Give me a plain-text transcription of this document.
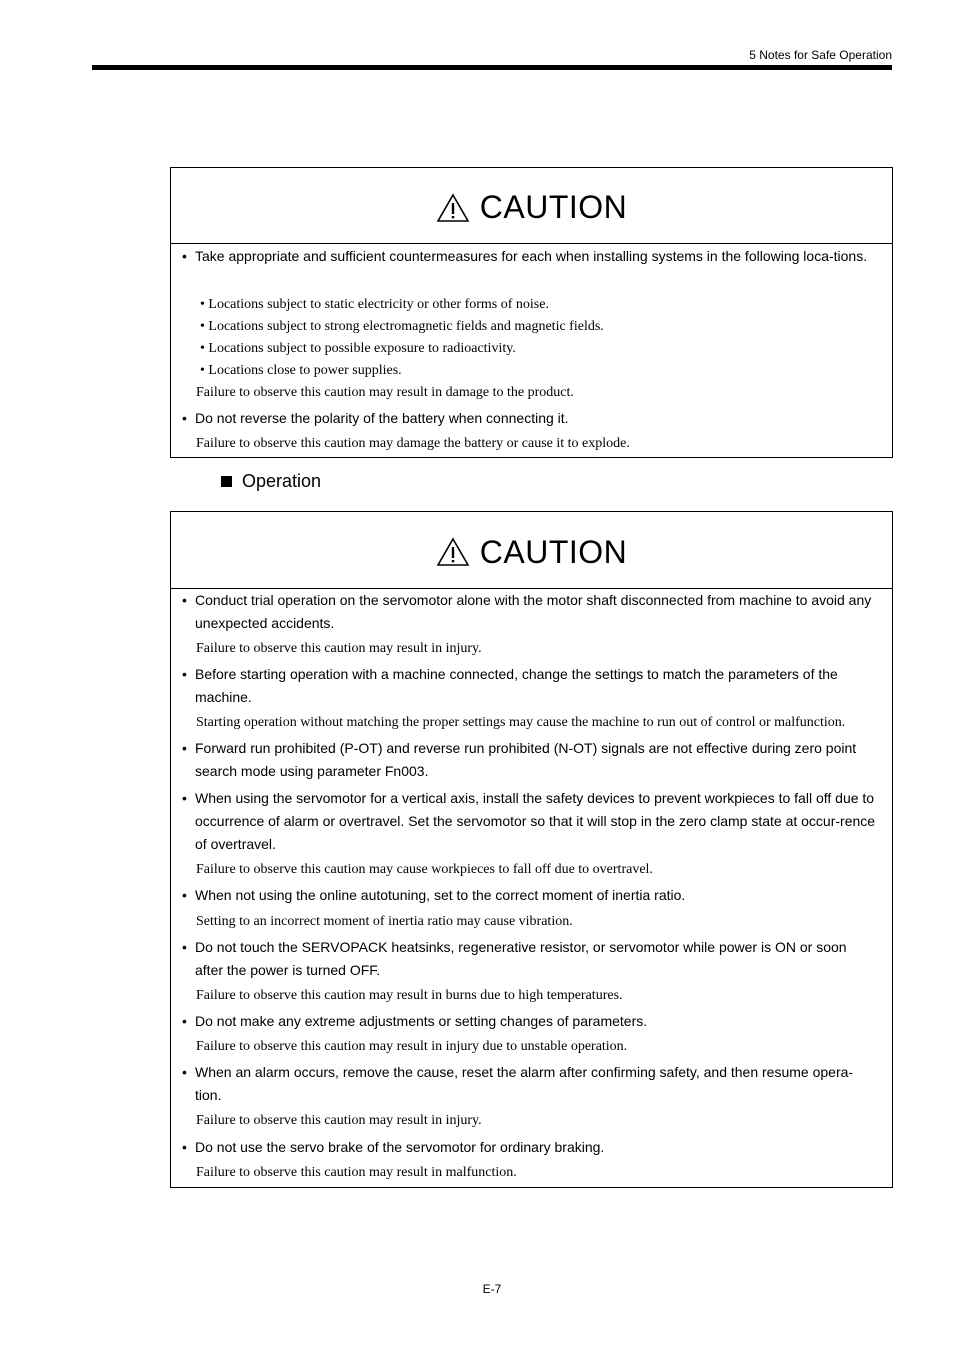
5 Notes for Safe Operation
CAUTION
• Take appropriate and sufficient countermeasures for each when installing systems in the following loca-tions.
• Locations subject to static electricity or other forms of noise.
• Locations subject to strong electromagnetic fields and magnetic fields.
• Locations subject to possible exposure to radioactivity.
• Locations close to power supplies.
Failure to observe this caution may result in damage to the product.
• Do not reverse the polarity of the battery when connecting it.
Failure to observe this caution may damage the battery or cause it to explode.
Operation
CAUTION
• Conduct trial operation on the servomotor alone with the motor shaft disconnected from machine to avoid any unexpected accidents.
Failure to observe this caution may result in injury.
• Before starting operation with a machine connected, change the settings to match the parameters of the machine.
Starting operation without matching the proper settings may cause the machine to run out of control or malfunction.
• Forward run prohibited (P-OT) and reverse run prohibited (N-OT) signals are not effective during zero point search mode using parameter Fn003.
• When using the servomotor for a vertical axis, install the safety devices to prevent workpieces to fall off due to occurrence of alarm or overtravel. Set the servomotor so that it will stop in the zero clamp state at occur-rence of overtravel.
Failure to observe this caution may cause workpieces to fall off due to overtravel.
• When not using the online autotuning, set to the correct moment of inertia ratio.
Setting to an incorrect moment of inertia ratio may cause vibration.
• Do not touch the SERVOPACK heatsinks, regenerative resistor, or servomotor while power is ON or soon after the power is turned OFF.
Failure to observe this caution may result in burns due to high temperatures.
• Do not make any extreme adjustments or setting changes of parameters.
Failure to observe this caution may result in injury due to unstable operation.
• When an alarm occurs, remove the cause, reset the alarm after confirming safety, and then resume opera-tion.
Failure to observe this caution may result in injury.
• Do not use the servo brake of the servomotor for ordinary braking.
Failure to observe this caution may result in malfunction.
E-7
